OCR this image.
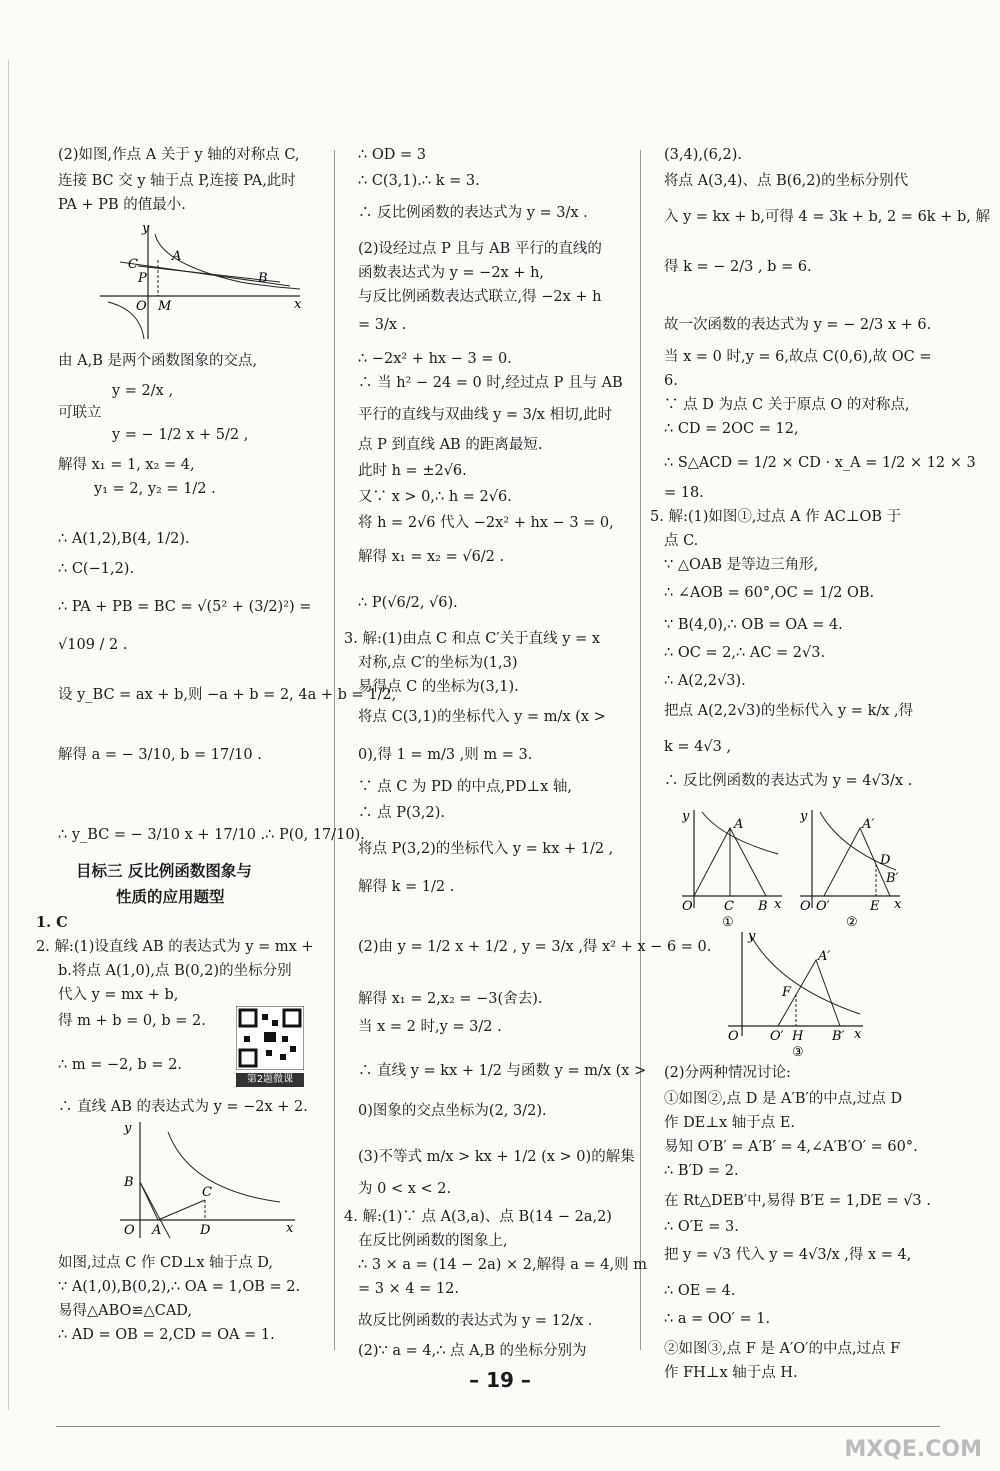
(2)如图,作点 A 关于 y 轴的对称点 C,
连接 BC 交 y 轴于点 P,连接 PA,此时
PA + PB 的值最小.
y
A
C
P	B
O M	x
由 A,B 是两个函数图象的交点,
y = 2/x ,
可联立
y = − 1/2 x + 5/2 ,
解得 x₁ = 1, x₂ = 4,
y₁ = 2, y₂ = 1/2 .
∴ A(1,2),B(4, 1/2).
∴ C(−1,2).
∴ PA + PB = BC = √(5² + (3/2)²) =
√109 / 2 .
设 y_BC = ax + b,则 −a + b = 2, 4a + b = 1/2,
解得 a = − 3/10, b = 17/10 .
∴ y_BC = − 3/10 x + 17/10 .∴ P(0, 17/10).
目标三 反比例函数图象与
性质的应用题型
1. C
2. 解:(1)设直线 AB 的表达式为 y = mx +
b.将点 A(1,0),点 B(0,2)的坐标分别
代入 y = mx + b,
得 m + b = 0, b = 2.
∴ m = −2, b = 2.
∴ 直线 AB 的表达式为 y = −2x + 2.
y
B
C
O A	D	x
如图,过点 C 作 CD⊥x 轴于点 D,
∵ A(1,0),B(0,2),∴ OA = 1,OB = 2.
易得△ABO≌△CAD,
∴ AD = OB = 2,CD = OA = 1.
第2题微课
∴ OD = 3
∴ C(3,1).∴ k = 3.
∴ 反比例函数的表达式为 y = 3/x .
(2)设经过点 P 且与 AB 平行的直线的
函数表达式为 y = −2x + h,
与反比例函数表达式联立,得 −2x + h
= 3/x .
∴ −2x² + hx − 3 = 0.
∴ 当 h² − 24 = 0 时,经过点 P 且与 AB
平行的直线与双曲线 y = 3/x 相切,此时
点 P 到直线 AB 的距离最短.
此时 h = ±2√6.
又∵ x > 0,∴ h = 2√6.
将 h = 2√6 代入 −2x² + hx − 3 = 0,
解得 x₁ = x₂ = √6/2 .
∴ P(√6/2, √6).
3. 解:(1)由点 C 和点 C′关于直线 y = x
对称,点 C′的坐标为(1,3)
易得点 C 的坐标为(3,1).
将点 C(3,1)的坐标代入 y = m/x (x >
0),得 1 = m/3 ,则 m = 3.
∵ 点 C 为 PD 的中点,PD⊥x 轴,
∴ 点 P(3,2).
将点 P(3,2)的坐标代入 y = kx + 1/2 ,
解得 k = 1/2 .
(2)由 y = 1/2 x + 1/2 , y = 3/x ,得 x² + x − 6 = 0.
解得 x₁ = 2,x₂ = −3(舍去).
当 x = 2 时,y = 3/2 .
∴ 直线 y = kx + 1/2 与函数 y = m/x (x >
0)图象的交点坐标为(2, 3/2).
(3)不等式 m/x > kx + 1/2 (x > 0)的解集
为 0 < x < 2.
4. 解:(1)∵ 点 A(3,a)、点 B(14 − 2a,2)
在反比例函数的图象上,
∴ 3 × a = (14 − 2a) × 2,解得 a = 4,则 m
= 3 × 4 = 12.
故反比例函数的表达式为 y = 12/x .
(2)∵ a = 4,∴ 点 A,B 的坐标分别为
(3,4),(6,2).
将点 A(3,4)、点 B(6,2)的坐标分别代
入 y = kx + b,可得 4 = 3k + b, 2 = 6k + b, 解
得 k = − 2/3 , b = 6.
故一次函数的表达式为 y = − 2/3 x + 6.
当 x = 0 时,y = 6,故点 C(0,6),故 OC =
6.
∵ 点 D 为点 C 关于原点 O 的对称点,
∴ CD = 2OC = 12,
∴ S△ACD = 1/2 × CD · x_A = 1/2 × 12 × 3
= 18.
5. 解:(1)如图①,过点 A 作 AC⊥OB 于
点 C.
∵ △OAB 是等边三角形,
∴ ∠AOB = 60°,OC = 1/2 OB.
∵ B(4,0),∴ OB = OA = 4.
∴ OC = 2,∴ AC = 2√3.
∴ A(2,2√3).
把点 A(2,2√3)的坐标代入 y = k/x ,得
k = 4√3 ,
∴ 反比例函数的表达式为 y = 4√3/x .
y
A
O C B x
①
y
A′
D
B′
O O′	E x
②
y
A′
F
O O′ H B′ x
③
(2)分两种情况讨论:
①如图②,点 D 是 A′B′的中点,过点 D
作 DE⊥x 轴于点 E.
易知 O′B′ = A′B′ = 4,∠A′B′O′ = 60°.
∴ B′D = 2.
在 Rt△DEB′中,易得 B′E = 1,DE = √3 .
∴ O′E = 3.
把 y = √3 代入 y = 4√3/x ,得 x = 4,
∴ OE = 4.
∴ a = OO′ = 1.
②如图③,点 F 是 A′O′的中点,过点 F
作 FH⊥x 轴于点 H.
– 19 –
MXQE.COM
